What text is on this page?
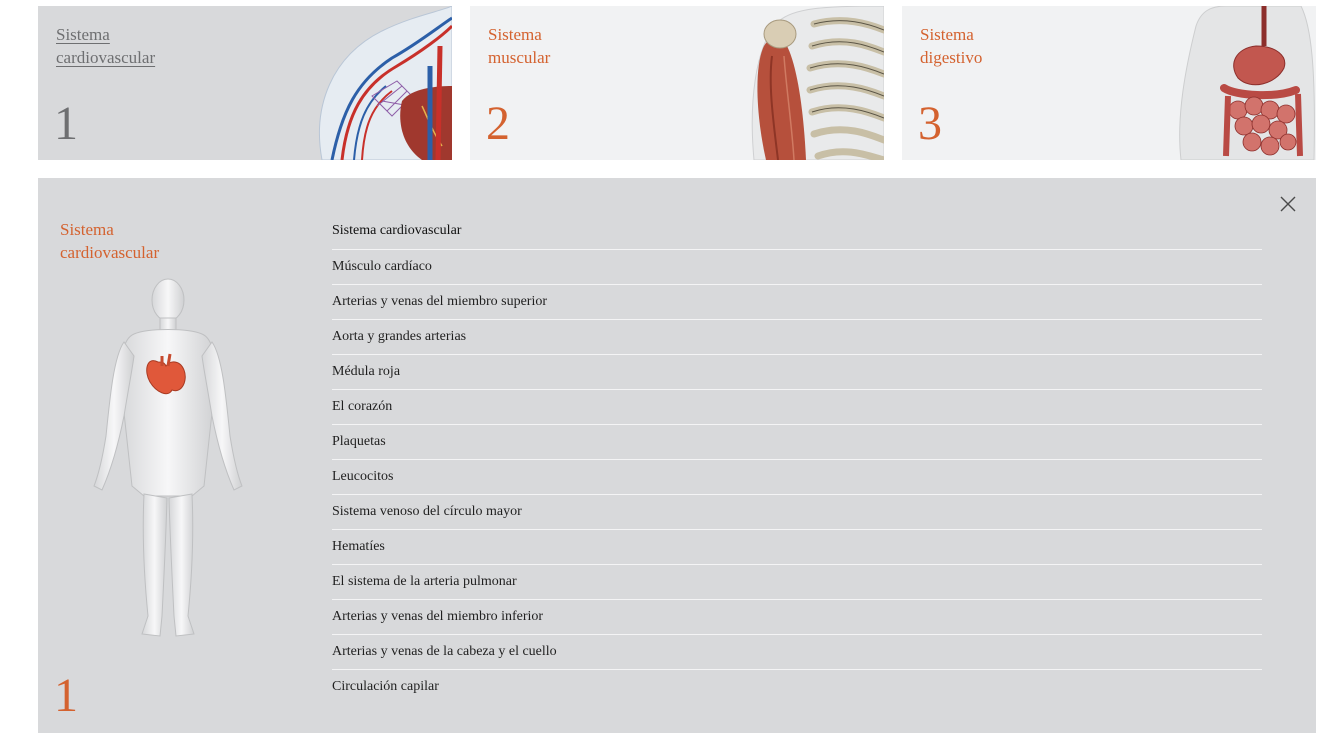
Sistema
cardiovascular
1
Sistema
muscular
2
Sistema
digestivo
3
Sistema
cardiovascular
1
Sistema cardiovascular
Músculo cardíaco
Arterias y venas del miembro superior
Aorta y grandes arterias
Médula roja
El corazón
Plaquetas
Leucocitos
Sistema venoso del círculo mayor
Hematíes
El sistema de la arteria pulmonar
Arterias y venas del miembro inferior
Arterias y venas de la cabeza y el cuello
Circulación capilar
